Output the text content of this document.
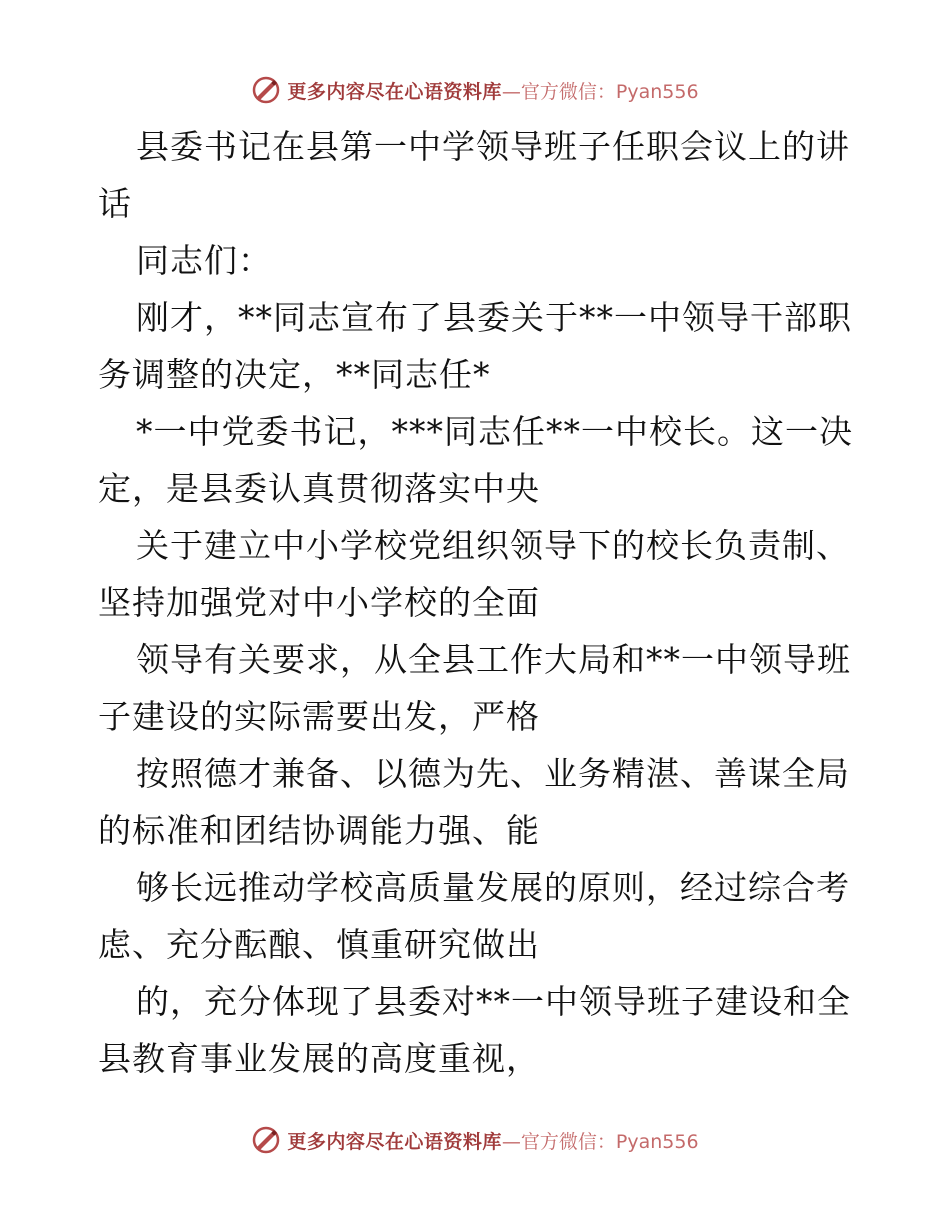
更多内容尽在心语资料库 —官方微信：Pyan556
县委书记在县第一中学领导班子任职会议上的讲
话
同志们：
刚才，**同志宣布了县委关于**一中领导干部职
务调整的决定，**同志任*
*一中党委书记，***同志任**一中校长。这一决
定，是县委认真贯彻落实中央
关于建立中小学校党组织领导下的校长负责制、
坚持加强党对中小学校的全面
领导有关要求，从全县工作大局和**一中领导班
子建设的实际需要出发，严格
按照德才兼备、以德为先、业务精湛、善谋全局
的标准和团结协调能力强、能
够长远推动学校高质量发展的原则，经过综合考
虑、充分酝酿、慎重研究做出
的，充分体现了县委对**一中领导班子建设和全
县教育事业发展的高度重视，
更多内容尽在心语资料库 —官方微信：Pyan556
